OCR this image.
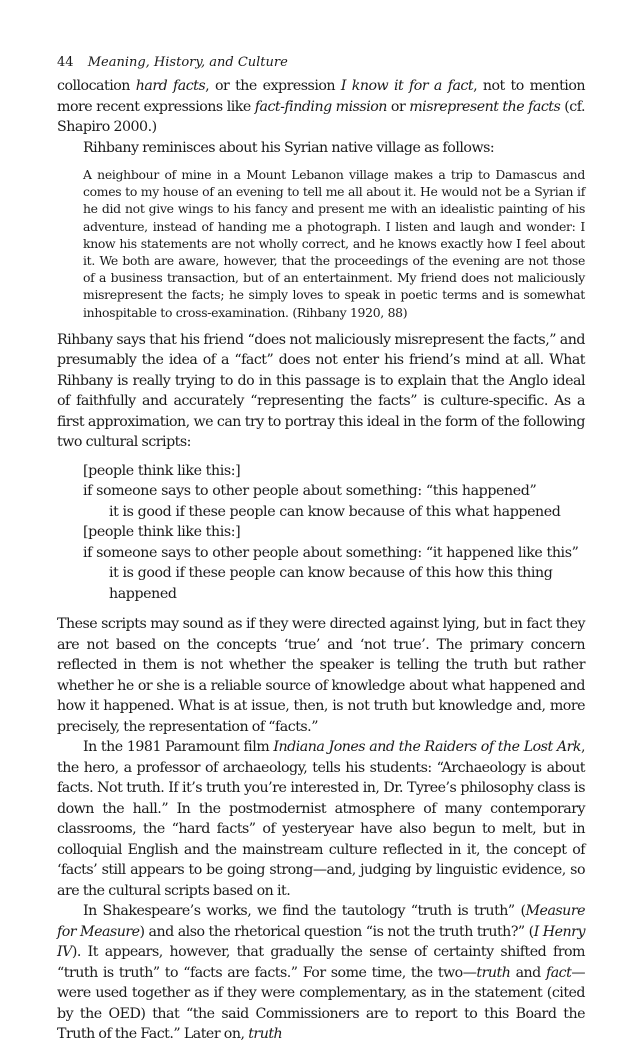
44 Meaning, History, and Culture

collocation hard facts, or the expression I know it for a fact, not to mention more recent expressions like fact-finding mission or misrepresent the facts (cf. Shapiro 2000.)

Rihbany reminisces about his Syrian native village as follows:

A neighbour of mine in a Mount Lebanon village makes a trip to Damascus and comes to my house of an evening to tell me all about it. He would not be a Syrian if he did not give wings to his fancy and present me with an idealistic painting of his adventure, instead of handing me a photograph. I listen and laugh and wonder: I know his statements are not wholly correct, and he knows exactly how I feel about it. We both are aware, however, that the proceedings of the evening are not those of a business transaction, but of an entertainment. My friend does not maliciously misrepresent the facts; he simply loves to speak in poetic terms and is somewhat inhospitable to cross-examination. (Rihbany 1920, 88)

Rihbany says that his friend “does not maliciously misrepresent the facts,” and presumably the idea of a “fact” does not enter his friend’s mind at all. What Rihbany is really trying to do in this passage is to explain that the Anglo ideal of faithfully and accurately “representing the facts” is culture-specific. As a first approximation, we can try to portray this ideal in the form of the following two cultural scripts:

[people think like this:]
if someone says to other people about something: “this happened”
it is good if these people can know because of this what happened
[people think like this:]
if someone says to other people about something: “it happened like this”
it is good if these people can know because of this how this thing
happened

These scripts may sound as if they were directed against lying, but in fact they are not based on the concepts ‘true’ and ‘not true’. The primary concern reflected in them is not whether the speaker is telling the truth but rather whether he or she is a reliable source of knowledge about what happened and how it happened. What is at issue, then, is not truth but knowledge and, more precisely, the representation of “facts.”

In the 1981 Paramount film Indiana Jones and the Raiders of the Lost Ark, the hero, a professor of archaeology, tells his students: “Archaeology is about facts. Not truth. If it’s truth you’re interested in, Dr. Tyree’s philosophy class is down the hall.” In the postmodernist atmosphere of many contemporary classrooms, the “hard facts” of yesteryear have also begun to melt, but in colloquial English and the mainstream culture reflected in it, the concept of ‘facts’ still appears to be going strong—and, judging by linguistic evidence, so are the cultural scripts based on it.

In Shakespeare’s works, we find the tautology “truth is truth” (Measure for Measure) and also the rhetorical question “is not the truth truth?” (I Henry IV). It appears, however, that gradually the sense of certainty shifted from “truth is truth” to “facts are facts.” For some time, the two—truth and fact—were used together as if they were complementary, as in the statement (cited by the OED) that “the said Commissioners are to report to this Board the Truth of the Fact.” Later on, truth
